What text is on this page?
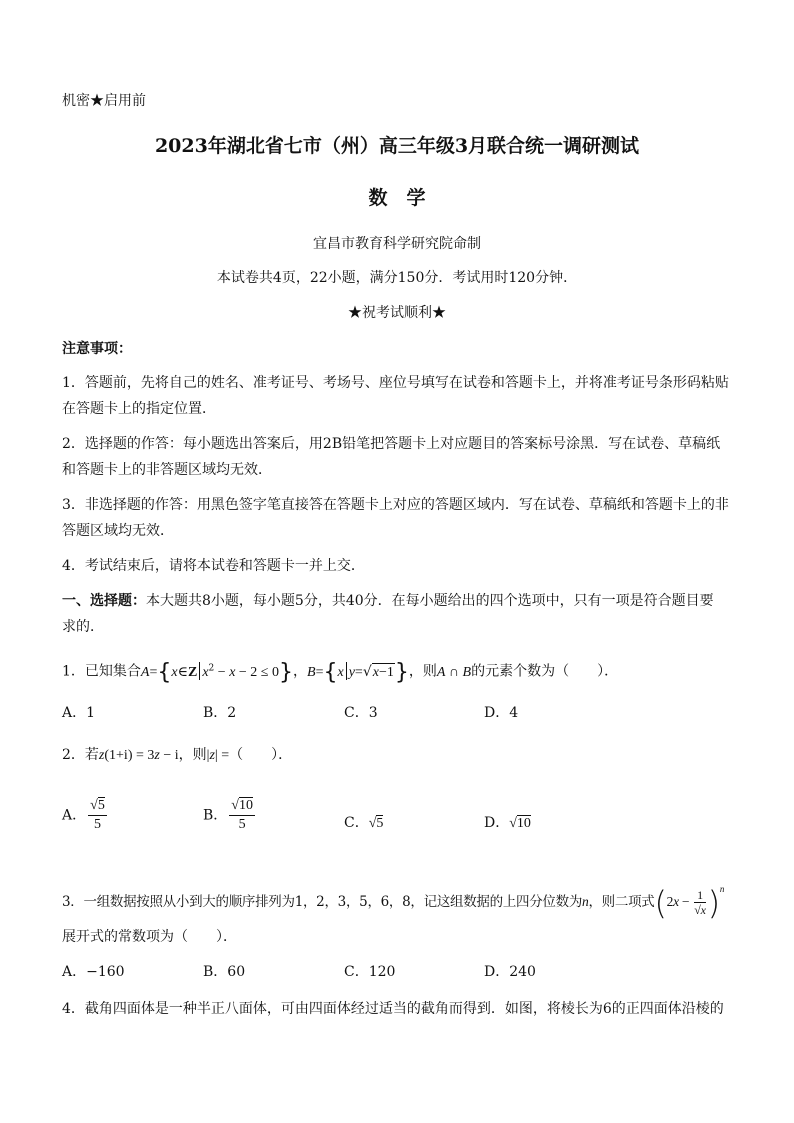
机密★启用前
2023年湖北省七市（州）高三年级3月联合统一调研测试
数　学
宜昌市教育科学研究院命制
本试卷共4页，22小题，满分150分．考试用时120分钟．
★祝考试顺利★
注意事项：
1．答题前，先将自己的姓名、准考证号、考场号、座位号填写在试卷和答题卡上，并将准考证号条形码粘贴
在答题卡上的指定位置．
2．选择题的作答：每小题选出答案后，用2B铅笔把答题卡上对应题目的答案标号涂黑．写在试卷、草稿纸
和答题卡上的非答题区域均无效．
3．非选择题的作答：用黑色签字笔直接答在答题卡上对应的答题区域内．写在试卷、草稿纸和答题卡上的非
答题区域均无效．
4．考试结束后，请将本试卷和答题卡一并上交．
一、选择题：本大题共8小题，每小题5分，共40分．在每小题给出的四个选项中，只有一项是符合题目要
求的．
1．已知集合A={x∈Z $x^2 - x - 2 \le 0$}，B={x y=√x−1}，则A ∩ B的元素个数为（　　）．
A．1	B．2	C．3	D．4
2．若z(1+i) = 3z − i，则|z| =（　　）．
A． $\frac{√5}{5}$	B． $\frac{√10}{5}$	C．√5	D．√10
3．一组数据按照从小到大的顺序排列为1，2，3，5，6，8，记这组数据的上四分位数为n，则二项式$(2x - \frac{1}{√x} )^n$
展开式的常数项为（　　）．
A．−160	B．60	C．120	D．240
4．截角四面体是一种半正八面体，可由四面体经过适当的截角而得到．如图，将棱长为6的正四面体沿棱的
